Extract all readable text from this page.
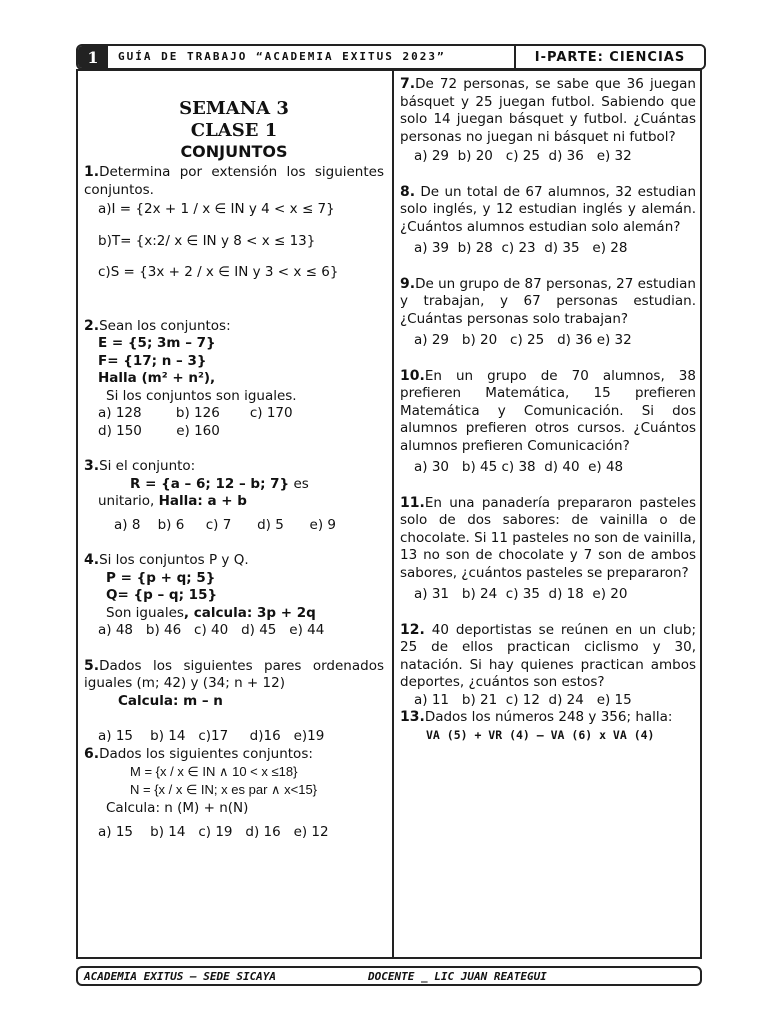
1	GUÍA DE TRABAJO “ACADEMIA EXITUS 2023”	I-PARTE: CIENCIAS
SEMANA 3
CLASE 1
CONJUNTOS
1.Determina por extensión los siguientes conjuntos.
a)I = {2x + 1 / x ∈ IN y 4 < x ≤ 7}
b)T= {x:2/ x ∈ IN y 8 < x ≤ 13}
c)S = {3x + 2 / x ∈ IN y 3 < x ≤ 6}
2.Sean los conjuntos:
E = {5; 3m – 7}
F= {17; n – 3}
Halla (m² + n²),
Si los conjuntos son iguales.
a) 128        b) 126       c) 170
d) 150        e) 160
3.Si el conjunto:
R = {a – 6; 12 – b; 7} es
unitario, Halla: a + b
a) 8    b) 6     c) 7      d) 5      e) 9
4.Si los conjuntos P y Q.
P = {p + q; 5}
Q= {p – q; 15}
Son iguales, calcula: 3p + 2q
a) 48   b) 46   c) 40   d) 45   e) 44
5.Dados los siguientes pares ordenados iguales (m; 42) y (34; n + 12)
Calcula: m – n
a) 15    b) 14   c)17     d)16   e)19
6.Dados los siguientes conjuntos:
M = {x / x ∈ IN ∧ 10 < x ≤18}
N = {x / x ∈ IN; x es par ∧ x<15}
Calcula: n (M) + n(N)
a) 15    b) 14   c) 19   d) 16   e) 12
7.De 72 personas, se sabe que 36 juegan básquet y 25 juegan futbol. Sabiendo que solo 14 juegan básquet y futbol. ¿Cuántas personas no juegan ni básquet ni futbol?
a) 29  b) 20   c) 25  d) 36   e) 32
8. De un total de 67 alumnos, 32 estudian solo inglés, y 12 estudian inglés y alemán. ¿Cuántos alumnos estudian solo alemán?
a) 39  b) 28  c) 23  d) 35   e) 28
9.De un grupo de 87 personas, 27 estudian y trabajan, y 67 personas estudian. ¿Cuántas personas solo trabajan?
a) 29   b) 20   c) 25   d) 36 e) 32
10.En un grupo de 70 alumnos, 38 prefieren Matemática, 15 prefieren Matemática y Comunicación. Si dos alumnos prefieren otros cursos. ¿Cuántos alumnos prefieren Comunicación?
a) 30   b) 45 c) 38  d) 40  e) 48
11.En una panadería prepararon pasteles solo de dos sabores: de vainilla o de chocolate. Si 11 pasteles no son de vainilla, 13 no son de chocolate y 7 son de ambos sabores, ¿cuántos pasteles se prepararon?
a) 31   b) 24  c) 35  d) 18  e) 20
12. 40 deportistas se reúnen en un club; 25 de ellos practican ciclismo y 30, natación. Si hay quienes practican ambos deportes, ¿cuántos son estos?
a) 11   b) 21  c) 12  d) 24   e) 15
13.Dados los números 248 y 356; halla:
VA (5) + VR (4) – VA (6) x VA (4)
ACADEMIA EXITUS – SEDE SICAYA	DOCENTE _ LIC JUAN REATEGUI
